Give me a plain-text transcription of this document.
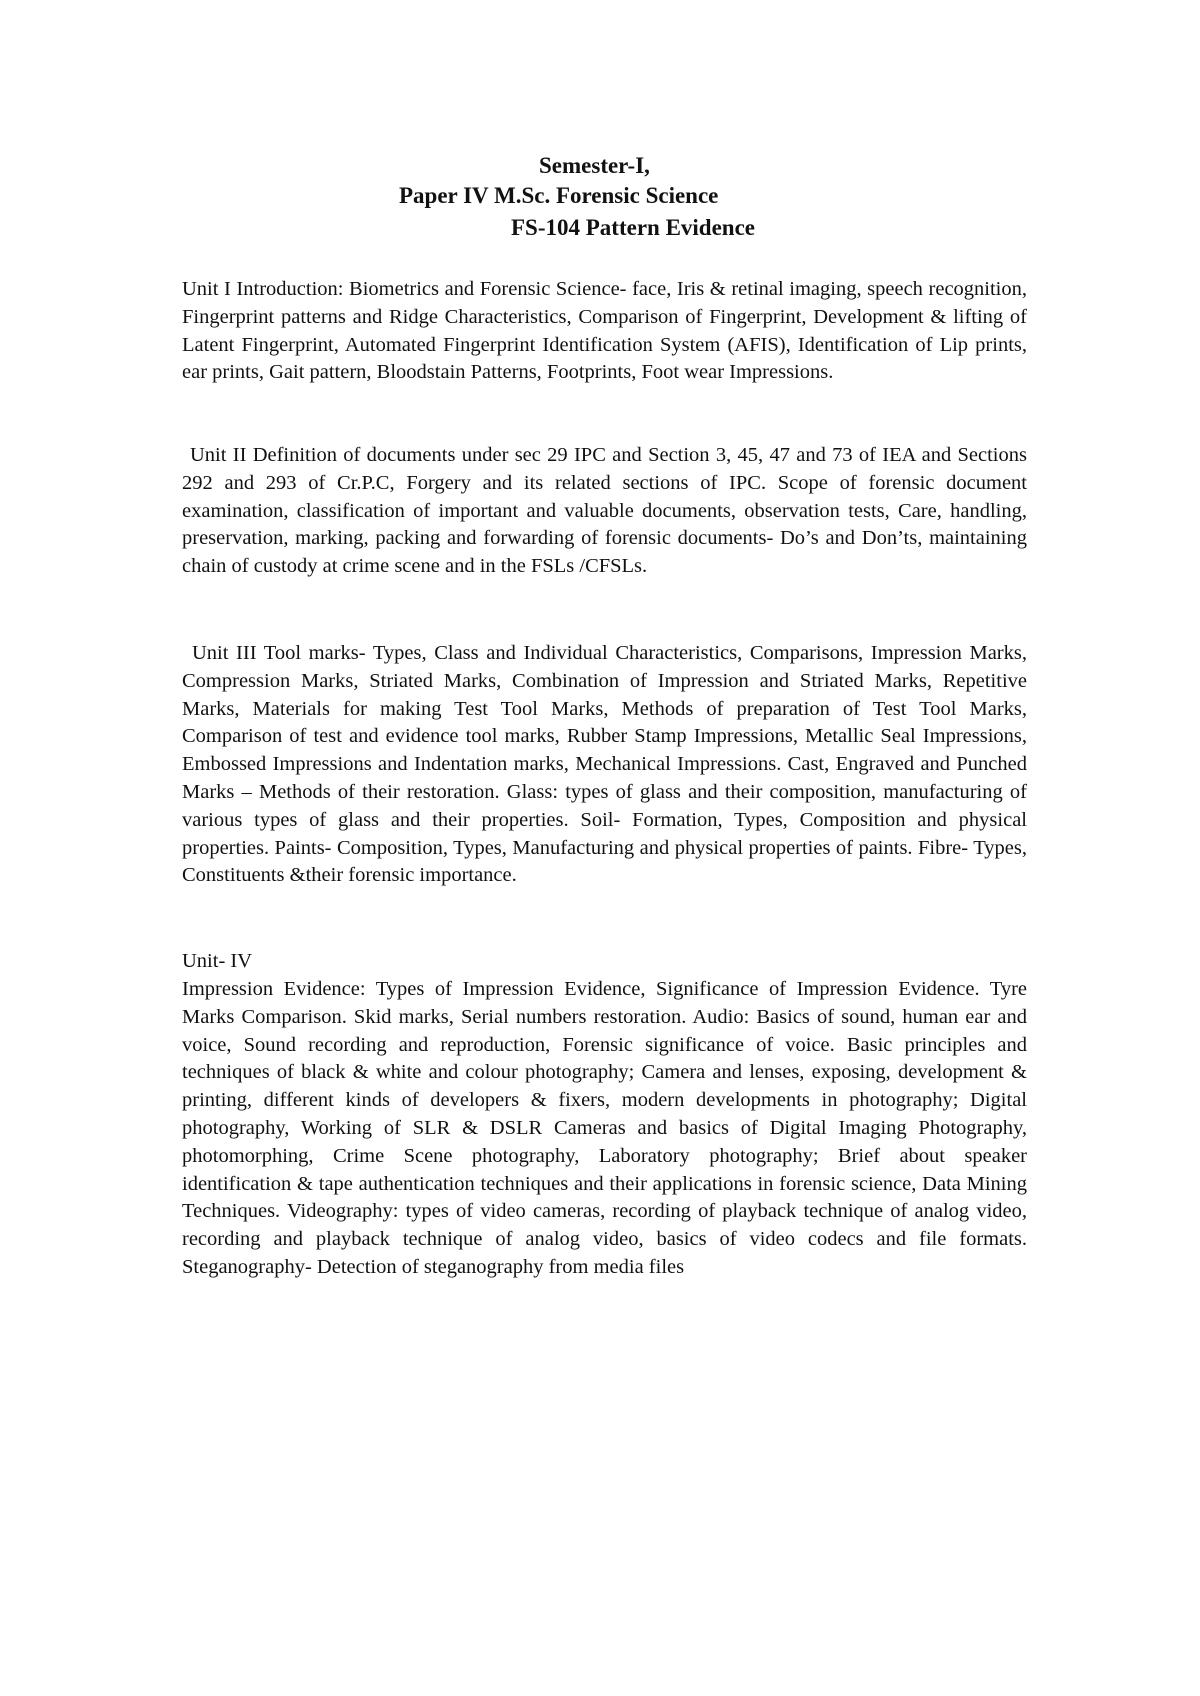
Semester-I,
Paper IV M.Sc. Forensic Science
FS-104 Pattern Evidence

Unit I Introduction: Biometrics and Forensic Science- face, Iris & retinal imaging, speech recognition, Fingerprint patterns and Ridge Characteristics, Comparison of Fingerprint, Development & lifting of Latent Fingerprint, Automated Fingerprint Identification System (AFIS), Identification of Lip prints, ear prints, Gait pattern, Bloodstain Patterns, Footprints, Foot wear Impressions.

Unit II Definition of documents under sec 29 IPC and Section 3, 45, 47 and 73 of IEA and Sections 292 and 293 of Cr.P.C, Forgery and its related sections of IPC. Scope of forensic document examination, classification of important and valuable documents, observation tests, Care, handling, preservation, marking, packing and forwarding of forensic documents- Do’s and Don’ts, maintaining chain of custody at crime scene and in the FSLs /CFSLs.

Unit III Tool marks- Types, Class and Individual Characteristics, Comparisons, Impression Marks, Compression Marks, Striated Marks, Combination of Impression and Striated Marks, Repetitive Marks, Materials for making Test Tool Marks, Methods of preparation of Test Tool Marks, Comparison of test and evidence tool marks, Rubber Stamp Impressions, Metallic Seal Impressions, Embossed Impressions and Indentation marks, Mechanical Impressions. Cast, Engraved and Punched Marks – Methods of their restoration. Glass: types of glass and their composition, manufacturing of various types of glass and their properties. Soil- Formation, Types, Composition and physical properties. Paints- Composition, Types, Manufacturing and physical properties of paints. Fibre- Types, Constituents &their forensic importance.

Unit- IV

Impression Evidence: Types of Impression Evidence, Significance of Impression Evidence. Tyre Marks Comparison. Skid marks, Serial numbers restoration. Audio: Basics of sound, human ear and voice, Sound recording and reproduction, Forensic significance of voice. Basic principles and techniques of black & white and colour photography; Camera and lenses, exposing, development & printing, different kinds of developers & fixers, modern developments in photography; Digital photography, Working of SLR & DSLR Cameras and basics of Digital Imaging Photography, photomorphing, Crime Scene photography, Laboratory photography; Brief about speaker identification & tape authentication techniques and their applications in forensic science, Data Mining Techniques. Videography: types of video cameras, recording of playback technique of analog video, recording and playback technique of analog video, basics of video codecs and file formats. Steganography- Detection of steganography from media files
